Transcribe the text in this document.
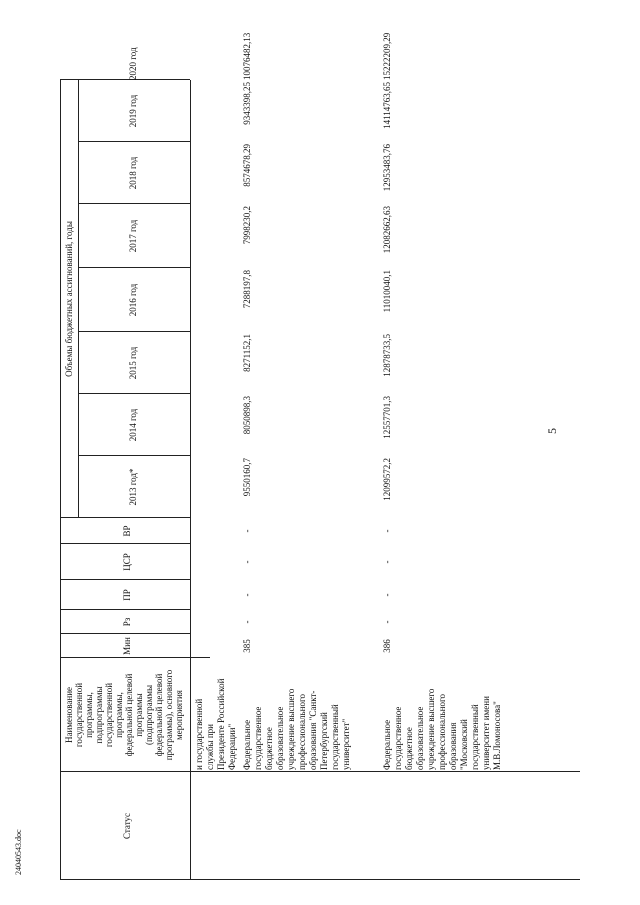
5
24040543.doc
Статус
Наименование государственной программы, подпрограммы государственной программы, федеральной целевой программы (подпрограммы федеральной целевой программы), основного мероприятия
Мин
Рз
ПР
ЦСР
ВР
Объемы бюджетных ассигнований, годы
2013 год*
2014 год
2015 год
2016 год
2017 год
2018 год
2019 год
2020 год
и государственной службы при Президенте Российской Федерации" Федеральное государственное бюджетное образовательное учреждение высшего профессионального образования "Санкт- Петербургский государственный университет"
385
-
-
-
-
9550160,7
8050898,3
8271152,1
7288197,8
7998230,2
8574678,29
9343398,25
10076482,13
Федеральное государственное бюджетное образовательное учреждение высшего профессионального образования "Московский государственный университет имени М.В.Ломоносова"
386
-
-
-
-
12099572,2
12557701,3
12878733,5
11010040,1
12082662,63
12953483,76
14114763,65
15222209,29
